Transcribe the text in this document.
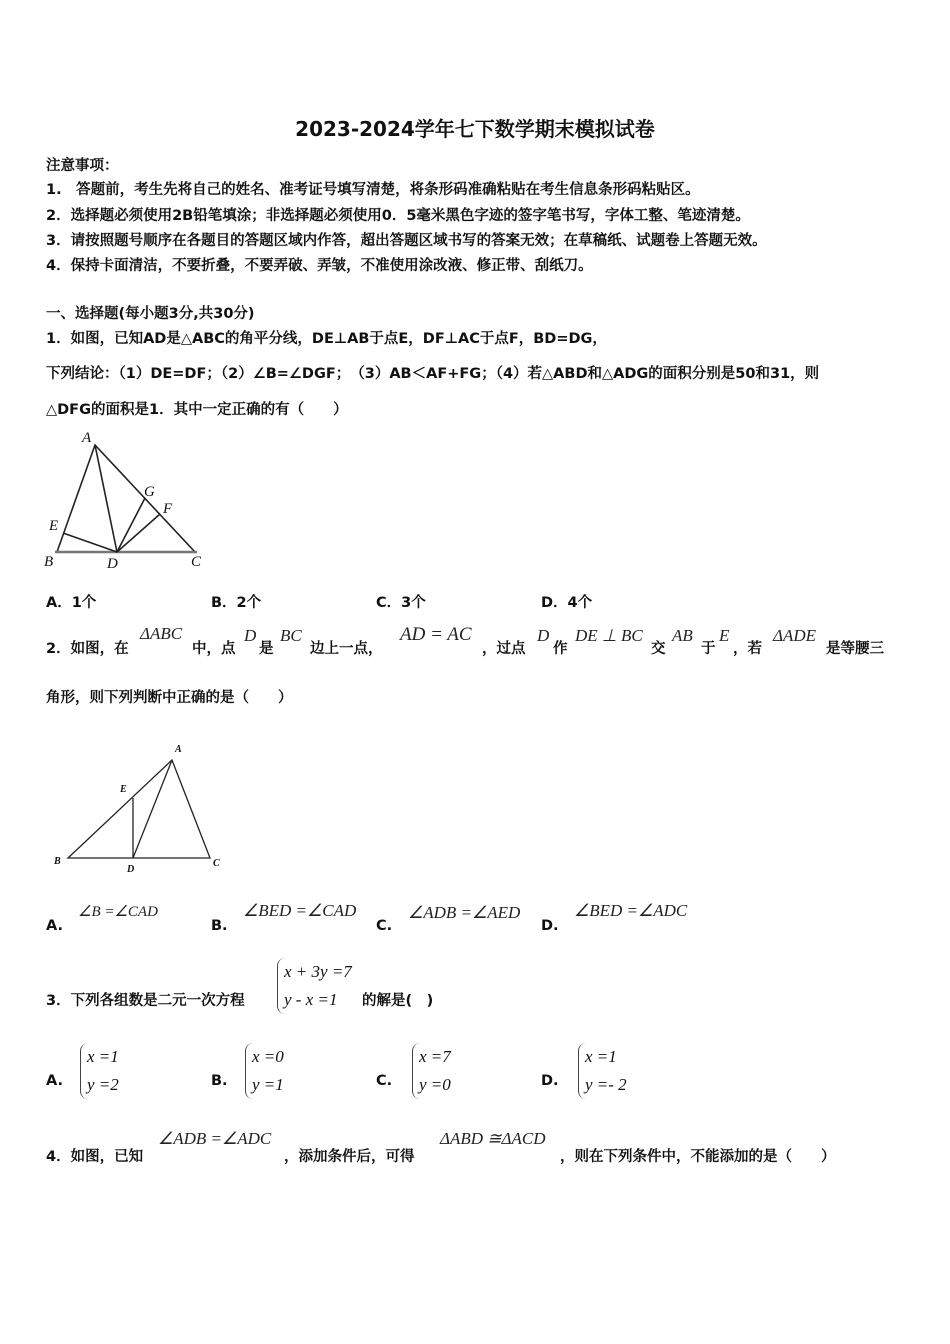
2023-2024学年七下数学期末模拟试卷
注意事项：
1.　答题前，考生先将自己的姓名、准考证号填写清楚，将条形码准确粘贴在考生信息条形码粘贴区。
2．选择题必须使用2B铅笔填涂；非选择题必须使用0．5毫米黑色字迹的签字笔书写，字体工整、笔迹清楚。
3．请按照题号顺序在各题目的答题区域内作答，超出答题区域书写的答案无效；在草稿纸、试题卷上答题无效。
4．保持卡面清洁，不要折叠，不要弄破、弄皱，不准使用涂改液、修正带、刮纸刀。
一、选择题(每小题3分,共30分)
1．如图，已知AD是△ABC的角平分线，DE⊥AB于点E，DF⊥AC于点F，BD=DG，
下列结论：（1）DE=DF；（2）∠B=∠DGF；　（3）AB＜AF+FG；（4）若△ABD和△ADG的面积分别是50和31，则
△DFG的面积是1．其中一定正确的有（　　）
A
G
F
E
B	D	C
A
E
B
D
C
A．1个	B．2个	C．3个	D．4个
2．如图，在
ΔABC
中，点
D
是
BC
边上一点，
AD = AC
，过点
D
作
DE ⊥ BC
交
AB
于
E
，若
ΔADE
是等腰三
角形，则下列判断中正确的是（　　）
A.
∠B =∠CAD
B.
∠BED =∠CAD
C.
∠ADB =∠AED
D.
∠BED =∠ADC
3．下列各组数是二元一次方程
x + 3y =7
y - x =1	的解是(　)
A.
x =1
y =2	B.
x =0
y =1	C.
x =7
y =0	D.
x =1
y =- 2
4．如图，已知
∠ADB =∠ADC
，添加条件后，可得
ΔABD ≅ΔACD
，则在下列条件中，不能添加的是（　　）
